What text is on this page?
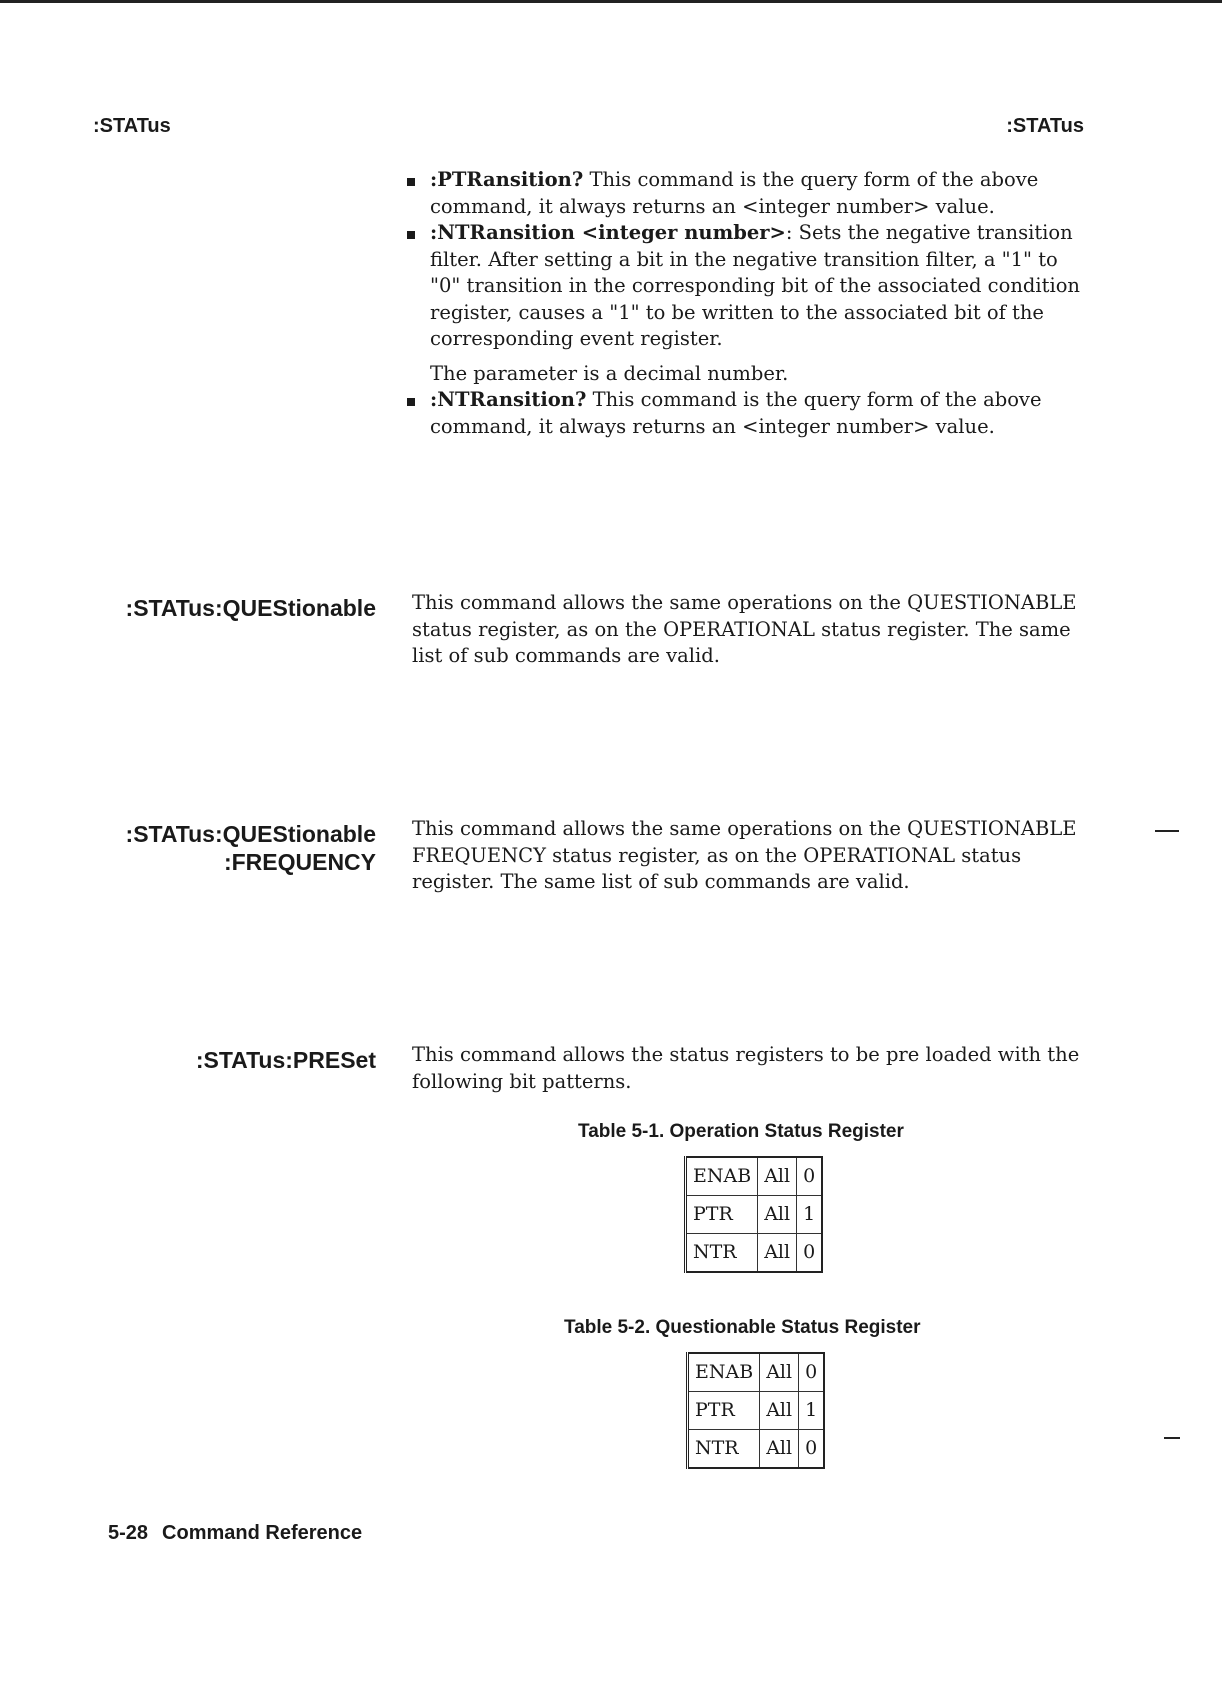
:STATus	:STATus
:PTRansition? This command is the query form of the above command, it always returns an <integer number> value.
:NTRansition <integer number>: Sets the negative transition filter. After setting a bit in the negative transition filter, a "1" to "0" transition in the corresponding bit of the associated condition register, causes a "1" to be written to the associated bit of the corresponding event register.

The parameter is a decimal number.

:NTRansition? This command is the query form of the above command, it always returns an <integer number> value.
:STATus:QUEStionable This command allows the same operations on the QUESTIONABLE status register, as on the OPERATIONAL status register. The same list of sub commands are valid.
:STATus:QUEStionable
:FREQUENCY
This command allows the same operations on the QUESTIONABLE FREQUENCY status register, as on the OPERATIONAL status register. The same list of sub commands are valid.
:STATus:PRESet This command allows the status registers to be pre loaded with the following bit patterns.
Table 5-1. Operation Status Register
ENAB	All	0
PTR	All	1
NTR	All	0
Table 5-2. Questionable Status Register
ENAB	All	0
PTR	All	1
NTR	All	0
5-28 Command Reference
